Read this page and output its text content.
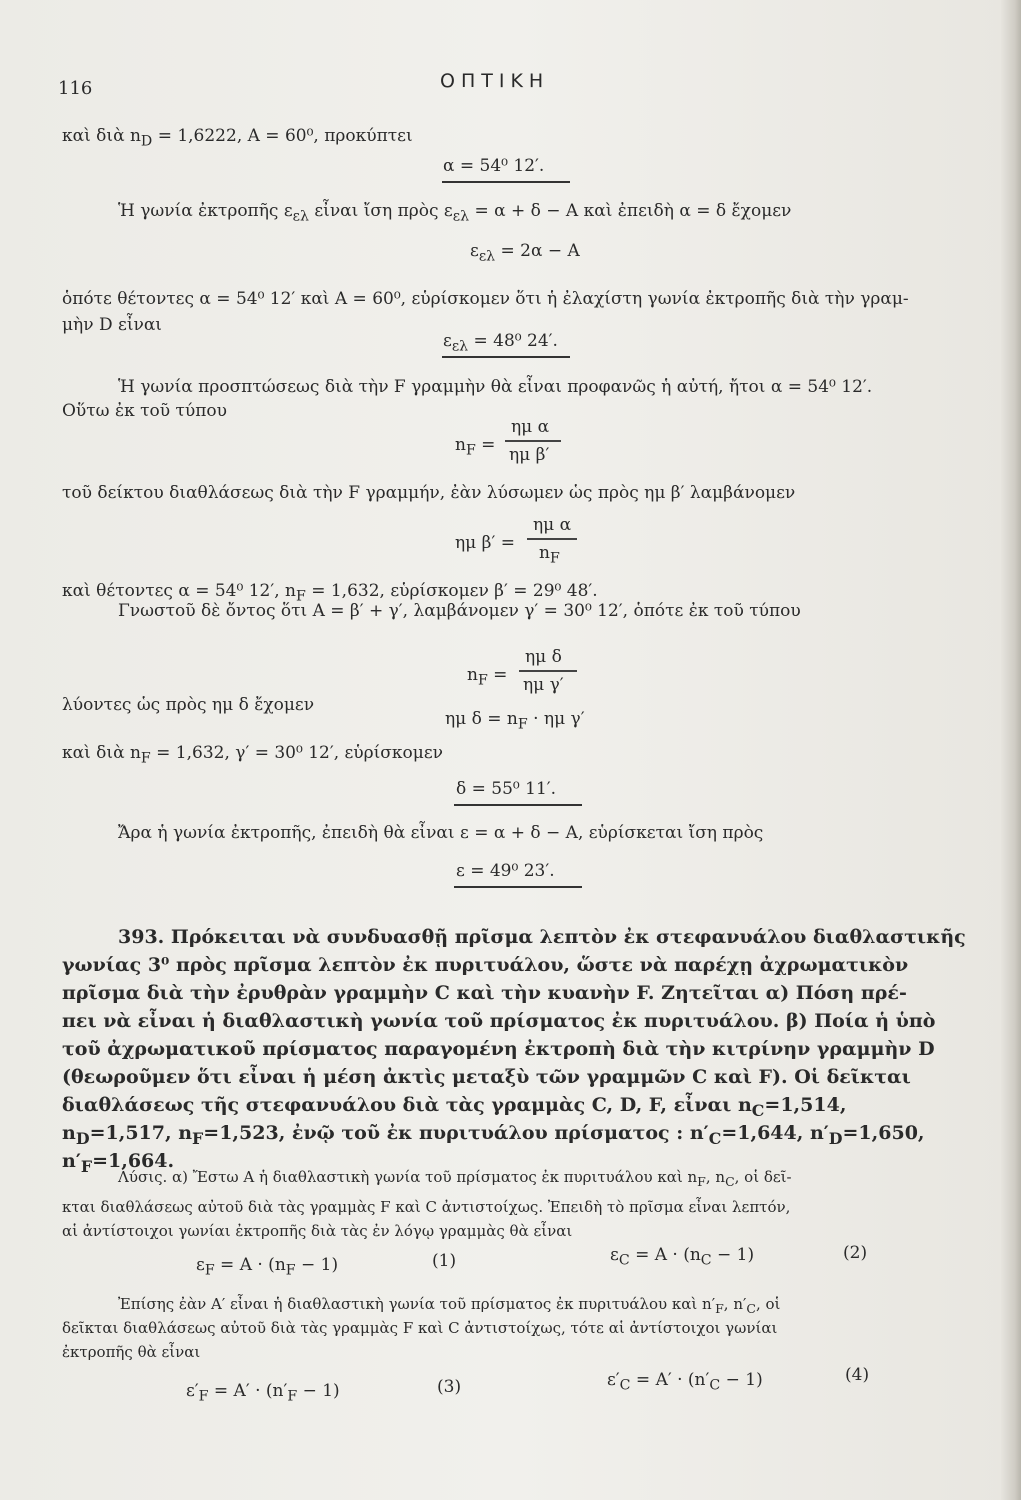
116	ΟΠΤΙΚΗ
καὶ διὰ $n_D = 1,6222$, A = 60⁰, προκύπτει
α = 54⁰ 12′.
Ἡ γωνία ἐκτροπῆς $\varepsilon_{\varepsilon\lambda}$ εἶναι ἴση πρὸς $\varepsilon_{\varepsilon\lambda} = \alpha + \delta - A$ καὶ ἐπειδὴ α = δ ἔχομεν
$\varepsilon_{\varepsilon\lambda} = 2\alpha - A$
ὁπότε θέτοντες α = 54⁰ 12′ καὶ A = 60⁰, εὑρίσκομεν ὅτι ἡ ἐλαχίστη γωνία ἐκτροπῆς διὰ τὴν γραμ-
μὴν D εἶναι
$\varepsilon_{\varepsilon\lambda} = 48^0$ 24′.
Ἡ γωνία προσπτώσεως διὰ τὴν F γραμμὴν θὰ εἶναι προφανῶς ἡ αὐτή, ἤτοι α = 54⁰ 12′.
Οὕτω ἐκ τοῦ τύπου
$n_F$ =
ημ α
ημ β′
τοῦ δείκτου διαθλάσεως διὰ τὴν F γραμμήν, ἐὰν λύσωμεν ὡς πρὸς ημ β′ λαμβάνομεν
ημ β′ =
ημ α
$n_F$
καὶ θέτοντες α = 54⁰ 12′, $n_F = 1,632$, εὑρίσκομεν β′ = 29⁰ 48′.
Γνωστοῦ δὲ ὄντος ὅτι A = β′ + γ′, λαμβάνομεν γ′ = 30⁰ 12′, ὁπότε ἐκ τοῦ τύπου
$n_F$ =
ημ δ
ημ γ′
λύοντες ὡς πρὸς ημ δ ἔχομεν
ημ $\delta = n_F \cdot \eta\mu$ γ′
καὶ διὰ $n_F = 1,632$, γ′ = 30⁰ 12′, εὑρίσκομεν
δ = 55⁰ 11′.
Ἄρα ἡ γωνία ἐκτροπῆς, ἐπειδὴ θὰ εἶναι ε = α + δ − A, εὑρίσκεται ἴση πρὸς
ε = 49⁰ 23′.
393. Πρόκειται νὰ συνδυασθῇ πρῖσμα λεπτὸν ἐκ στεφανυάλου διαθλαστικῆς
γωνίας 3⁰ πρὸς πρῖσμα λεπτὸν ἐκ πυριτυάλου, ὥστε νὰ παρέχῃ ἀχρωματικὸν
πρῖσμα διὰ τὴν ἐρυθρὰν γραμμὴν C καὶ τὴν κυανὴν F. Ζητεῖται α) Πόση πρέ-
πει νὰ εἶναι ἡ διαθλαστικὴ γωνία τοῦ πρίσματος ἐκ πυριτυάλου. β) Ποία ἡ ὑπὸ
τοῦ ἀχρωματικοῦ πρίσματος παραγομένη ἐκτροπὴ διὰ τὴν κιτρίνην γραμμὴν D
(θεωροῦμεν ὅτι εἶναι ἡ μέση ἀκτὶς μεταξὺ τῶν γραμμῶν C καὶ F). Οἱ δεῖκται
διαθλάσεως τῆς στεφανυάλου διὰ τὰς γραμμὰς C, D, F, εἶναι $n_C=1,514$,
$n_D=1,517$, $n_F=1,523$, ἐνῷ τοῦ ἐκ πυριτυάλου πρίσματος : $n'_C=1,644$, $n'_D=1,650$,
$n'_F=1,664$.
Λύσις. α) Ἔστω A ἡ διαθλαστικὴ γωνία τοῦ πρίσματος ἐκ πυριτυάλου καὶ $n_F$, $n_C$, οἱ δεῖ-
κται διαθλάσεως αὐτοῦ διὰ τὰς γραμμὰς F καὶ C ἀντιστοίχως. Ἐπειδὴ τὸ πρῖσμα εἶναι λεπτόν,
αἱ ἀντίστοιχοι γωνίαι ἐκτροπῆς διὰ τὰς ἐν λόγῳ γραμμὰς θὰ εἶναι
$\varepsilon_F = A \cdot (n_F - 1)$	(1)	$\varepsilon_C = A \cdot (n_C - 1)$	(2)
Ἐπίσης ἐὰν A′ εἶναι ἡ διαθλαστικὴ γωνία τοῦ πρίσματος ἐκ πυριτυάλου καὶ $n'_F$, $n'_C$, οἱ
δεῖκται διαθλάσεως αὐτοῦ διὰ τὰς γραμμὰς F καὶ C ἀντιστοίχως, τότε αἱ ἀντίστοιχοι γωνίαι
ἐκτροπῆς θὰ εἶναι
$\varepsilon'_F = A' \cdot (n'_F - 1)$	(3)	$\varepsilon'_C = A' \cdot (n'_C - 1)$	(4)
